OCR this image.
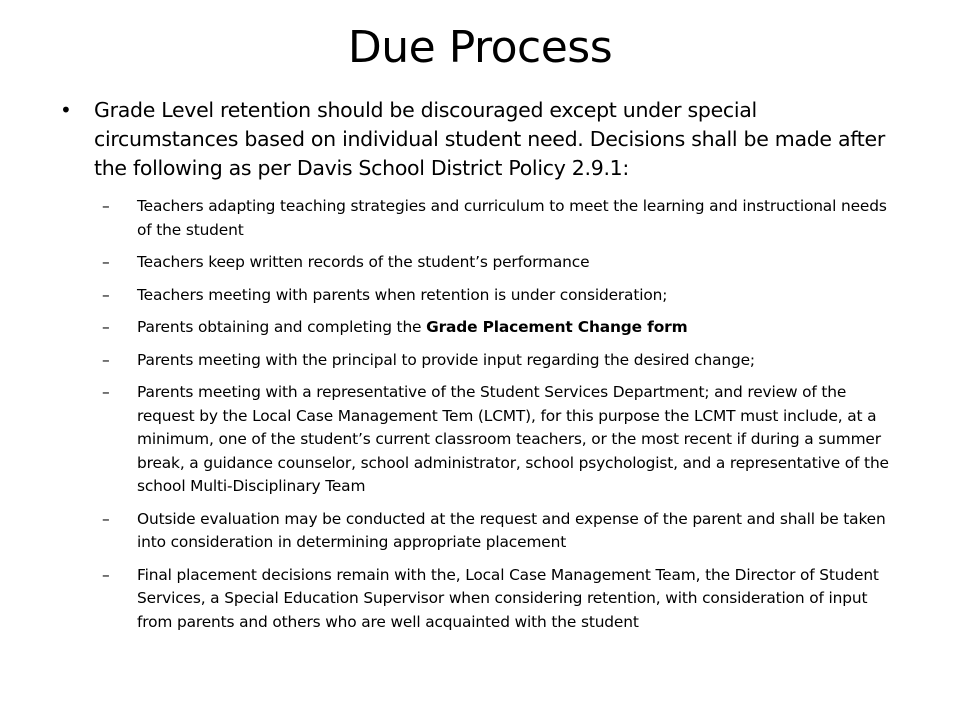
Due Process
• Grade Level retention should be discouraged except under special circumstances based on individual student need. Decisions shall be made after the following as per Davis School District Policy 2.9.1:
– Teachers adapting teaching strategies and curriculum to meet the learning and instructional needs of the student
– Teachers keep written records of the student’s performance
– Teachers meeting with parents when retention is under consideration;
– Parents obtaining and completing the Grade Placement Change form
– Parents meeting with the principal to provide input regarding the desired change;
– Parents meeting with a representative of the Student Services Department; and review of the request by the Local Case Management Tem (LCMT), for this purpose the LCMT must include, at a minimum, one of the student’s current classroom teachers, or the most recent if during a summer break, a guidance counselor, school administrator, school psychologist, and a representative of the school Multi-Disciplinary Team
– Outside evaluation may be conducted at the request and expense of the parent and shall be taken into consideration in determining appropriate placement
– Final placement decisions remain with the, Local Case Management Team, the Director of Student Services, a Special Education Supervisor when considering retention, with consideration of input from parents and others who are well acquainted with the student
